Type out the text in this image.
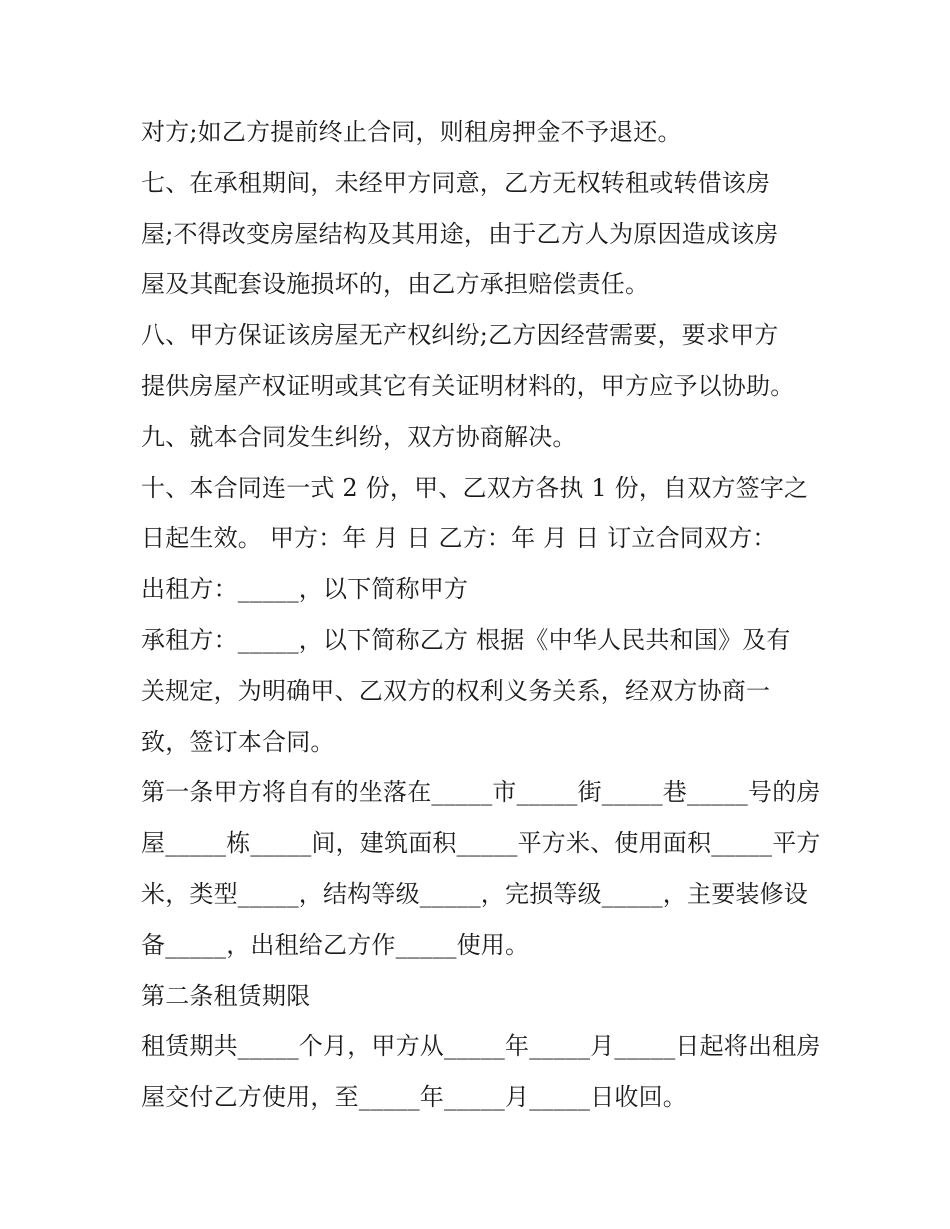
对方;如乙方提前终止合同，则租房押金不予退还。
七、在承租期间，未经甲方同意，乙方无权转租或转借该房
屋;不得改变房屋结构及其用途，由于乙方人为原因造成该房
屋及其配套设施损坏的，由乙方承担赔偿责任。
八、甲方保证该房屋无产权纠纷;乙方因经营需要，要求甲方
提供房屋产权证明或其它有关证明材料的，甲方应予以协助。
九、就本合同发生纠纷，双方协商解决。
十、本合同连一式 2 份，甲、乙双方各执 1 份，自双方签字之
日起生效。 甲方：年 月 日 乙方：年 月 日 订立合同双方：
出租方：_____，以下简称甲方
承租方：_____，以下简称乙方 根据《中华人民共和国》及有
关规定，为明确甲、乙双方的权利义务关系，经双方协商一
致，签订本合同。
第一条甲方将自有的坐落在_____市_____街_____巷_____号的房
屋_____栋_____间，建筑面积_____平方米、使用面积_____平方
米，类型_____，结构等级_____，完损等级_____，主要装修设
备_____，出租给乙方作_____使用。
第二条租赁期限
租赁期共_____个月，甲方从_____年_____月_____日起将出租房
屋交付乙方使用，至_____年_____月_____日收回。
